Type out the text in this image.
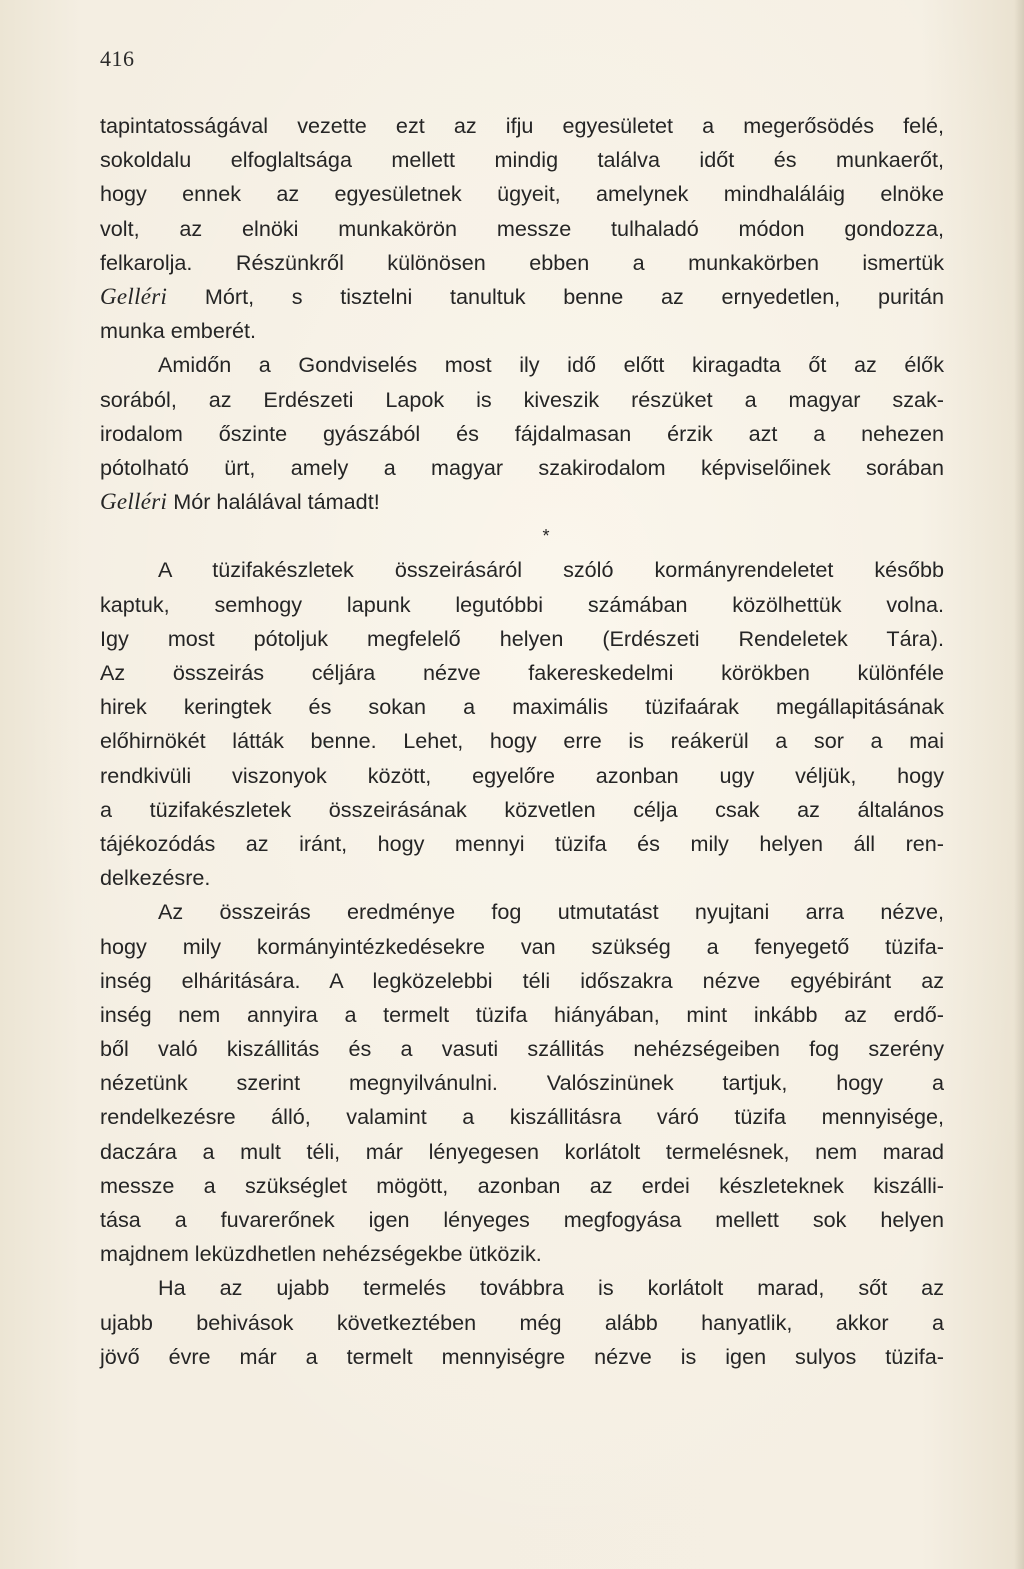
416
tapintatosságával vezette ezt az ifju egyesületet a megerősödés felé,
sokoldalu elfoglaltsága mellett mindig találva időt és munkaerőt,
hogy ennek az egyesületnek ügyeit, amelynek mindhaláláig elnöke
volt, az elnöki munkakörön messze tulhaladó módon gondozza,
felkarolja. Részünkről különösen ebben a munkakörben ismertük
Gelléri Mórt, s tisztelni tanultuk benne az ernyedetlen, puritán
munka emberét.
Amidőn a Gondviselés most ily idő előtt kiragadta őt az élők
sorából, az Erdészeti Lapok is kiveszik részüket a magyar szak-
irodalom őszinte gyászából és fájdalmasan érzik azt a nehezen
pótolható ürt, amely a magyar szakirodalom képviselőinek sorában
Gelléri Mór halálával támadt!
*
A tüzifakészletek összeirásáról szóló kormányrendeletet később
kaptuk, semhogy lapunk legutóbbi számában közölhettük volna.
Igy most pótoljuk megfelelő helyen (Erdészeti Rendeletek Tára).
Az összeirás céljára nézve fakereskedelmi körökben különféle
hirek keringtek és sokan a maximális tüzifaárak megállapitásának
előhirnökét látták benne. Lehet, hogy erre is reákerül a sor a mai
rendkivüli viszonyok között, egyelőre azonban ugy véljük, hogy
a tüzifakészletek összeirásának közvetlen célja csak az általános
tájékozódás az iránt, hogy mennyi tüzifa és mily helyen áll ren-
delkezésre.
Az összeirás eredménye fog utmutatást nyujtani arra nézve,
hogy mily kormányintézkedésekre van szükség a fenyegető tüzifa-
inség elháritására. A legközelebbi téli időszakra nézve egyébiránt az
inség nem annyira a termelt tüzifa hiányában, mint inkább az erdő-
ből való kiszállitás és a vasuti szállitás nehézségeiben fog szerény
nézetünk szerint megnyilvánulni. Valószinünek tartjuk, hogy a
rendelkezésre álló, valamint a kiszállitásra váró tüzifa mennyisége,
daczára a mult téli, már lényegesen korlátolt termelésnek, nem marad
messze a szükséglet mögött, azonban az erdei készleteknek kiszálli-
tása a fuvarerőnek igen lényeges megfogyása mellett sok helyen
majdnem leküzdhetlen nehézségekbe ütközik.
Ha az ujabb termelés továbbra is korlátolt marad, sőt az
ujabb behivások következtében még alább hanyatlik, akkor a
jövő évre már a termelt mennyiségre nézve is igen sulyos tüzifa-
